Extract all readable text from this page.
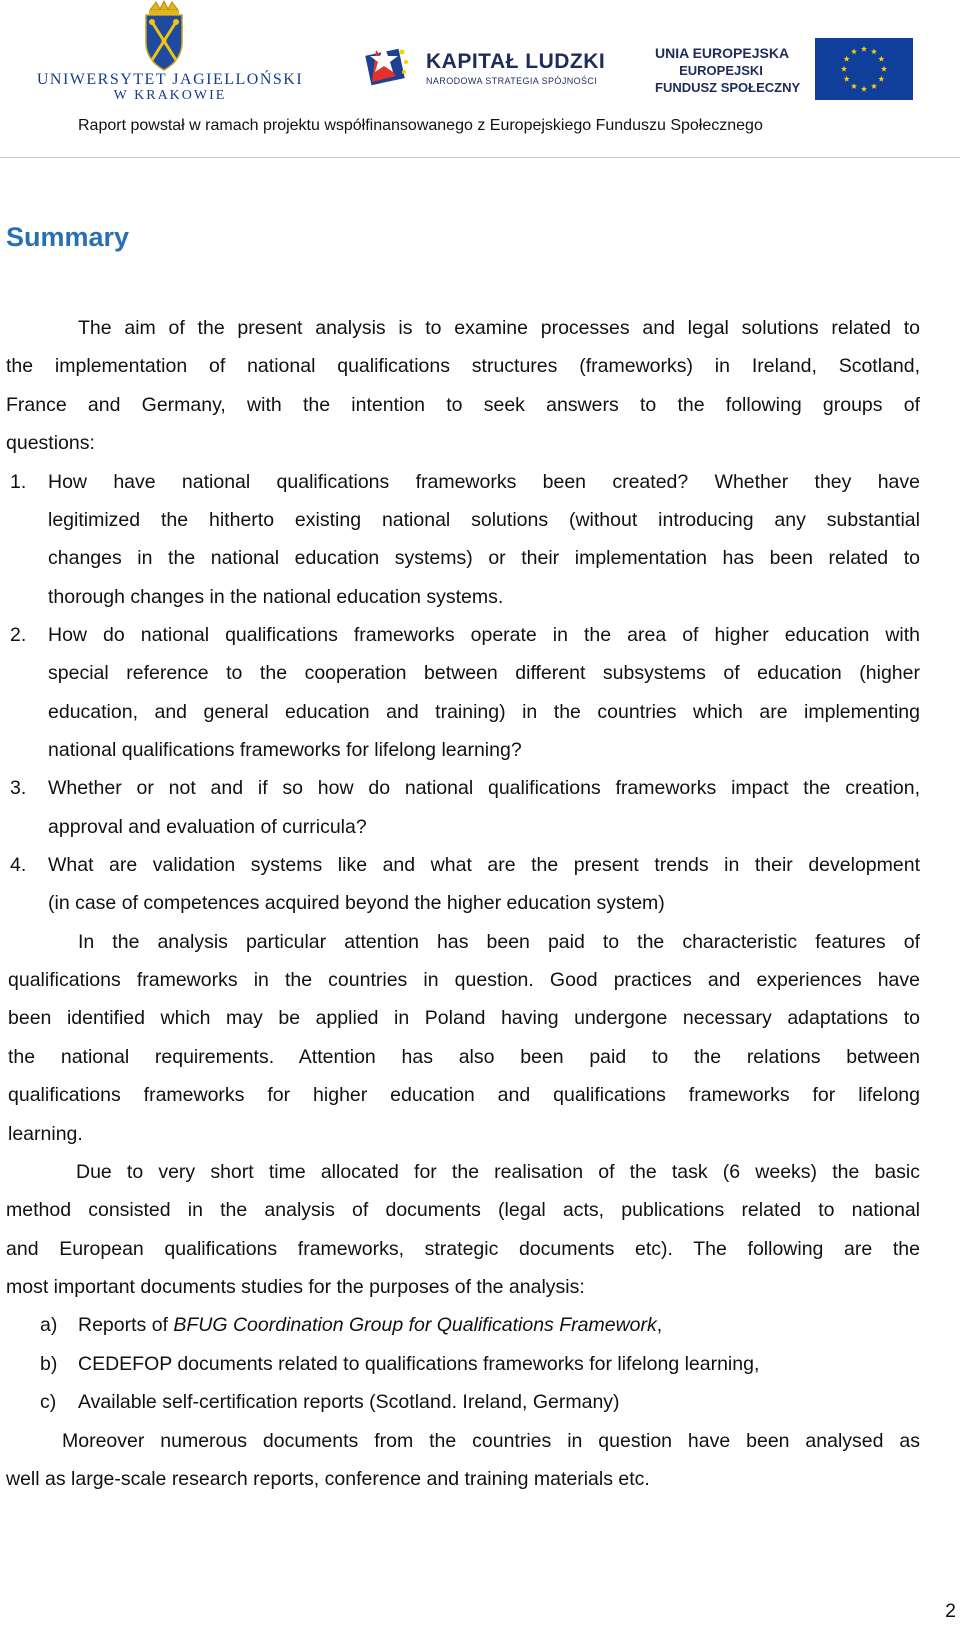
UNIWERSYTET JAGIELLOŃSKI
W KRAKOWIE
KAPITAŁ LUDZKI
NARODOWA STRATEGIA SPÓJNOŚCI
UNIA EUROPEJSKA
EUROPEJSKI
FUNDUSZ SPOŁECZNY
Raport powstał w ramach projektu współfinansowanego z Europejskiego Funduszu Społecznego
Summary
The aim of the present analysis is to examine processes and legal solutions related to
the implementation of national qualifications structures (frameworks) in Ireland, Scotland,
France and Germany, with the intention to seek answers to the following groups of
questions:
1. How have national qualifications frameworks been created? Whether they have
legitimized the hitherto existing national solutions (without introducing any substantial
changes in the national education systems) or their implementation has been related to
thorough changes in the national education systems.
2. How do national qualifications frameworks operate in the area of higher education with
special reference to the cooperation between different subsystems of education (higher
education, and general education and training) in the countries which are implementing
national qualifications frameworks for lifelong learning?
3. Whether or not and if so how do national qualifications frameworks impact the creation,
approval and evaluation of curricula?
4. What are validation systems like and what are the present trends in their development
(in case of competences acquired beyond the higher education system)
In the analysis particular attention has been paid to the characteristic features of
qualifications frameworks in the countries in question. Good practices and experiences have
been identified which may be applied in Poland having undergone necessary adaptations to
the national requirements. Attention has also been paid to the relations between
qualifications frameworks for higher education and qualifications frameworks for lifelong
learning.
Due to very short time allocated for the realisation of the task (6 weeks) the basic
method consisted in the analysis of documents (legal acts, publications related to national
and European qualifications frameworks, strategic documents etc). The following are the
most important documents studies for the purposes of the analysis:
a) Reports of BFUG Coordination Group for Qualifications Framework,
b) CEDEFOP documents related to qualifications frameworks for lifelong learning,
c) Available self-certification reports (Scotland. Ireland, Germany)
Moreover numerous documents from the countries in question have been analysed as
well as large-scale research reports, conference and training materials etc.
2
